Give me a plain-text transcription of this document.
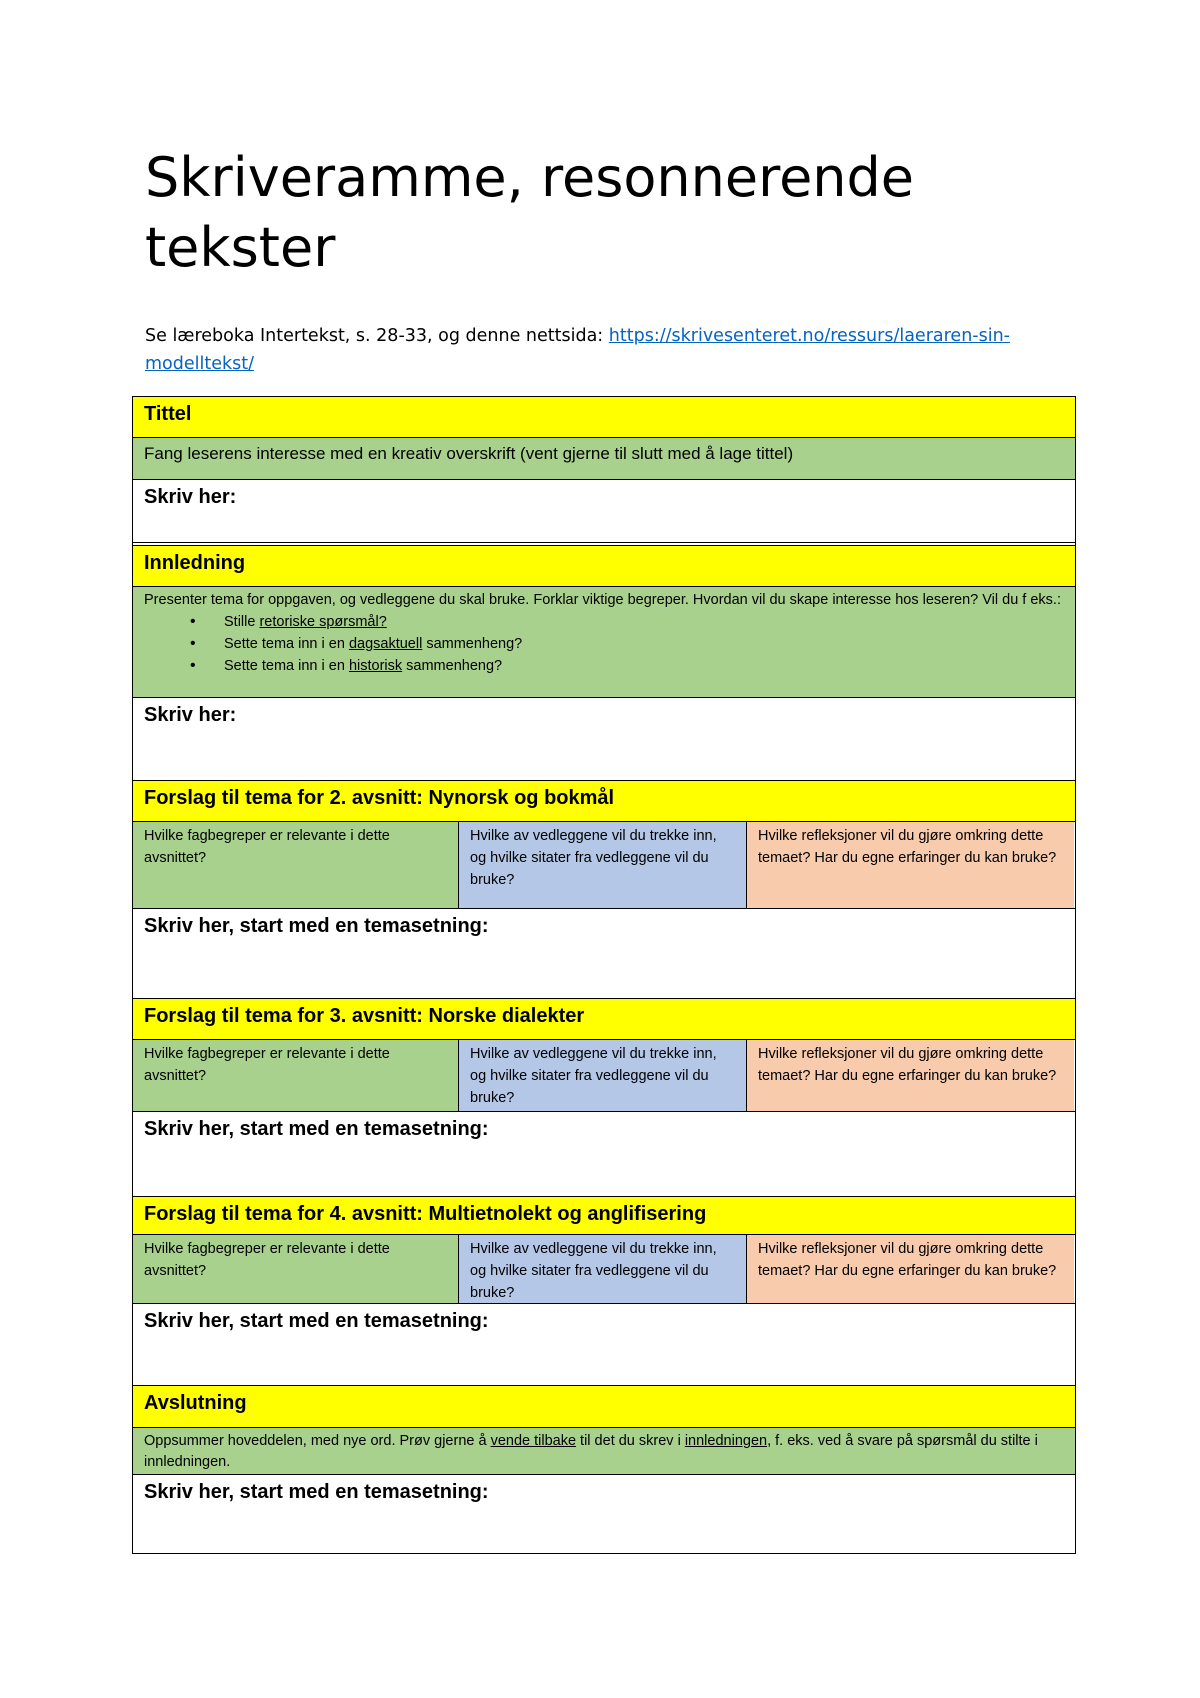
Skriveramme, resonnerende tekster
Se læreboka Intertekst, s. 28-33, og denne nettsida: https://skrivesenteret.no/ressurs/laeraren-sin-modelltekst/
Tittel
Fang leserens interesse med en kreativ overskrift (vent gjerne til slutt med å lage tittel)
Skriv her:
Innledning
Presenter tema for oppgaven, og vedleggene du skal bruke. Forklar viktige begreper. Hvordan vil du skape interesse hos leseren? Vil du f eks.:
• Stille retoriske spørsmål?
• Sette tema inn i en dagsaktuell sammenheng?
• Sette tema inn i en historisk sammenheng?
Skriv her:
Forslag til tema for 2. avsnitt: Nynorsk og bokmål
Hvilke fagbegreper er relevante i dette avsnittet?
Hvilke av vedleggene vil du trekke inn, og hvilke sitater fra vedleggene vil du bruke?
Hvilke refleksjoner vil du gjøre omkring dette temaet? Har du egne erfaringer du kan bruke?
Skriv her, start med en temasetning:
Forslag til tema for 3. avsnitt: Norske dialekter
Hvilke fagbegreper er relevante i dette avsnittet?
Hvilke av vedleggene vil du trekke inn, og hvilke sitater fra vedleggene vil du bruke?
Hvilke refleksjoner vil du gjøre omkring dette temaet? Har du egne erfaringer du kan bruke?
Skriv her, start med en temasetning:
Forslag til tema for 4. avsnitt: Multietnolekt og anglifisering
Hvilke fagbegreper er relevante i dette avsnittet?
Hvilke av vedleggene vil du trekke inn, og hvilke sitater fra vedleggene vil du bruke?
Hvilke refleksjoner vil du gjøre omkring dette temaet? Har du egne erfaringer du kan bruke?
Skriv her, start med en temasetning:
Avslutning
Oppsummer hoveddelen, med nye ord. Prøv gjerne å vende tilbake til det du skrev i innledningen, f. eks. ved å svare på spørsmål du stilte i innledningen.
Skriv her, start med en temasetning:
